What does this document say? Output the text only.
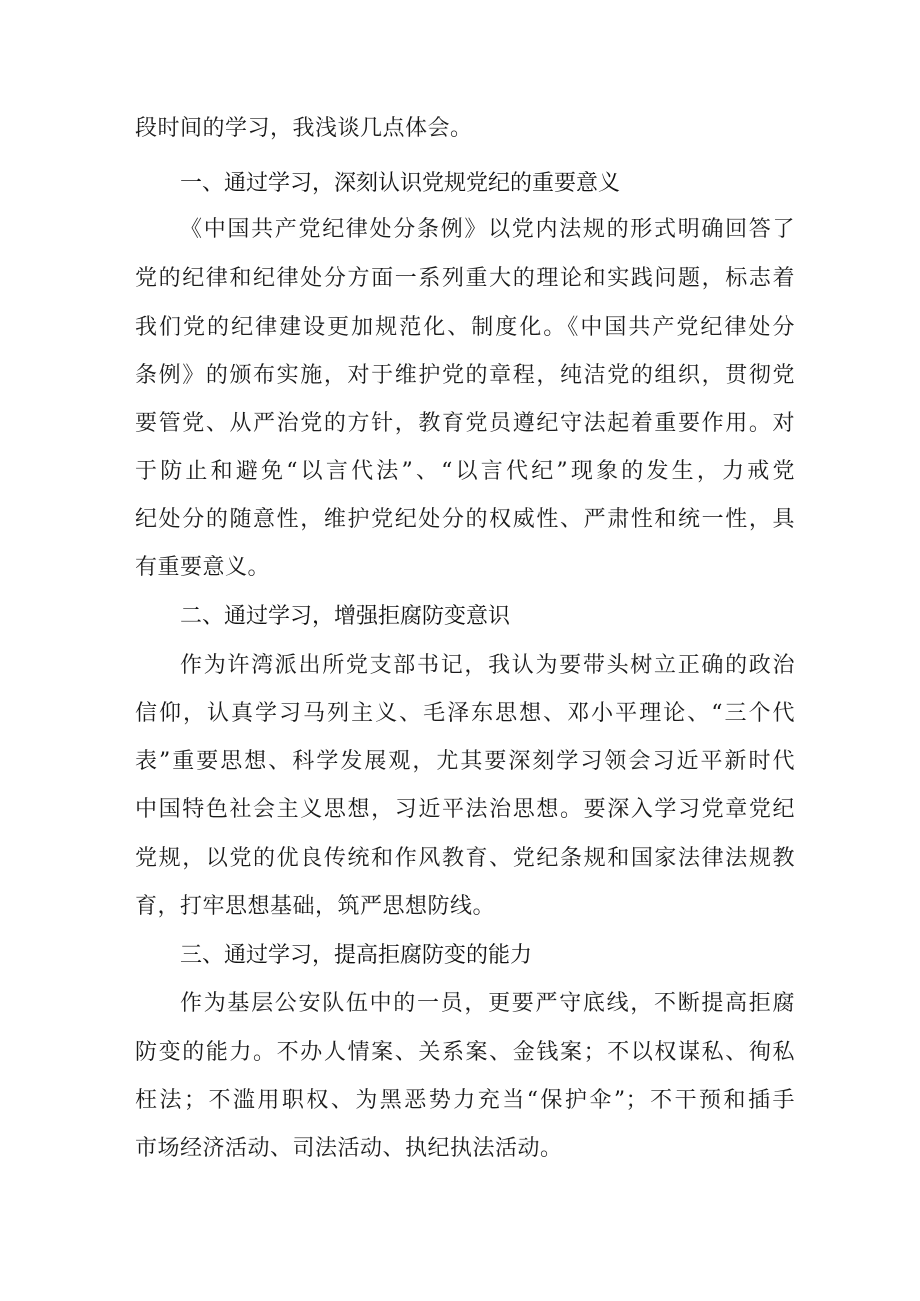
段时间的学习，我浅谈几点体会。

一、通过学习，深刻认识党规党纪的重要意义

《中国共产党纪律处分条例》以党内法规的形式明确回答了

党的纪律和纪律处分方面一系列重大的理论和实践问题，标志着

我们党的纪律建设更加规范化、制度化。《中国共产党纪律处分

条例》的颁布实施，对于维护党的章程，纯洁党的组织，贯彻党

要管党、从严治党的方针，教育党员遵纪守法起着重要作用。对

于防止和避免“以言代法”、“以言代纪”现象的发生，力戒党

纪处分的随意性，维护党纪处分的权威性、严肃性和统一性，具

有重要意义。

二、通过学习，增强拒腐防变意识

作为许湾派出所党支部书记，我认为要带头树立正确的政治

信仰，认真学习马列主义、毛泽东思想、邓小平理论、“三个代

表”重要思想、科学发展观，尤其要深刻学习领会习近平新时代

中国特色社会主义思想，习近平法治思想。要深入学习党章党纪

党规，以党的优良传统和作风教育、党纪条规和国家法律法规教

育，打牢思想基础，筑严思想防线。

三、通过学习，提高拒腐防变的能力

作为基层公安队伍中的一员，更要严守底线，不断提高拒腐

防变的能力。不办人情案、关系案、金钱案；不以权谋私、徇私

枉法；不滥用职权、为黑恶势力充当“保护伞”；不干预和插手

市场经济活动、司法活动、执纪执法活动。
